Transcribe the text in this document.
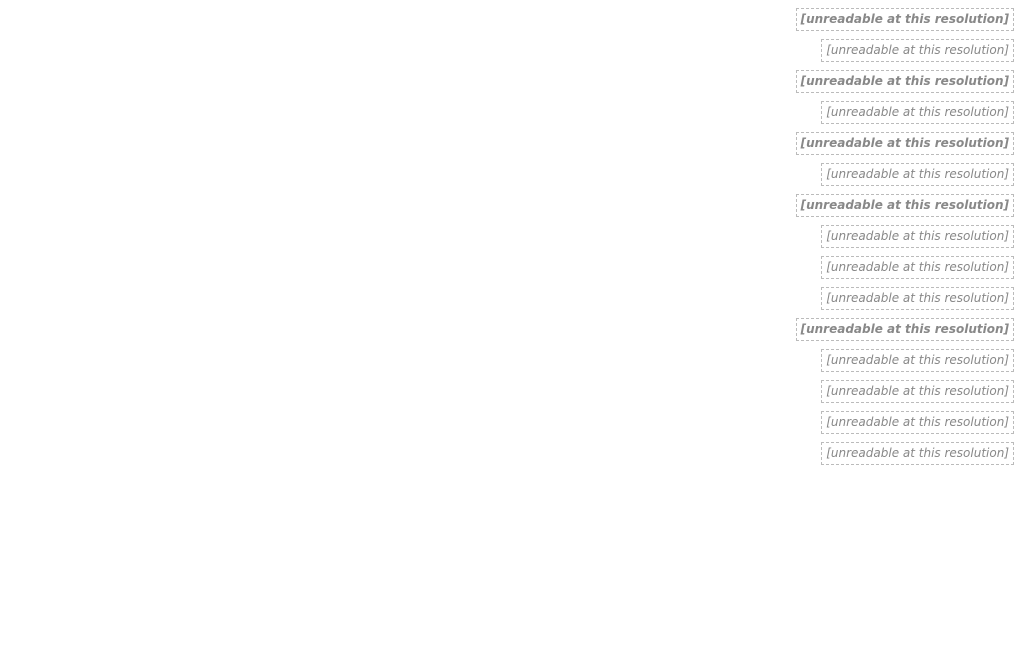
[unreadable at this resolution]
[unreadable at this resolution]
[unreadable at this resolution]
[unreadable at this resolution]
[unreadable at this resolution]
[unreadable at this resolution]
[unreadable at this resolution]
[unreadable at this resolution]
[unreadable at this resolution]
[unreadable at this resolution]
[unreadable at this resolution]
[unreadable at this resolution]
[unreadable at this resolution]
[unreadable at this resolution]
[unreadable at this resolution]
